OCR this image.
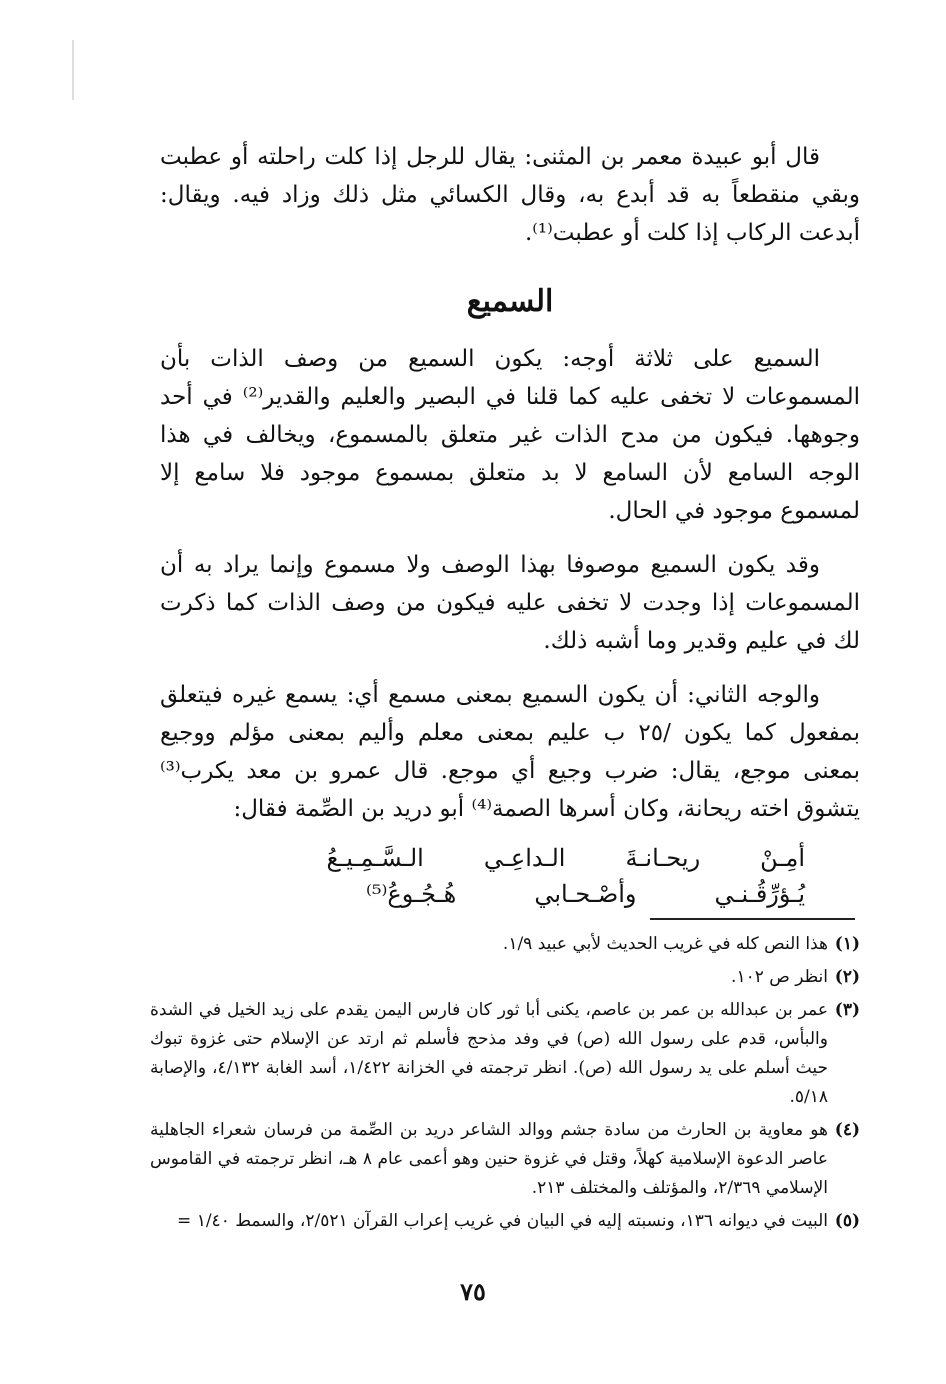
قال أبو عبيدة معمر بن المثنى: يقال للرجل إذا كلت راحلته أو عطبت وبقي منقطعاً به قد أبدع به، وقال الكسائي مثل ذلك وزاد فيه. ويقال: أبدعت الركاب إذا كلت أو عطبت⁽¹⁾.

السميع

السميع على ثلاثة أوجه: يكون السميع من وصف الذات بأن المسموعات لا تخفى عليه كما قلنا في البصير والعليم والقدير⁽²⁾ في أحد وجوهها. فيكون من مدح الذات غير متعلق بالمسموع، ويخالف في هذا الوجه السامع لأن السامع لا بد متعلق بمسموع موجود فلا سامع إلا لمسموع موجود في الحال.

وقد يكون السميع موصوفا بهذا الوصف ولا مسموع وإنما يراد به أن المسموعات إذا وجدت لا تخفى عليه فيكون من وصف الذات كما ذكرت لك في عليم وقدير وما أشبه ذلك.

والوجه الثاني: أن يكون السميع بمعنى مسمع أي: يسمع غيره فيتعلق بمفعول كما يكون /٢٥ ب عليم بمعنى معلم وأليم بمعنى مؤلم ووجيع بمعنى موجع، يقال: ضرب وجيع أي موجع. قال عمرو بن معد يكرب⁽³⁾ يتشوق اخته ريحانة، وكان أسرها الصمة⁽⁴⁾ أبو دريد بن الصِّمة فقال:

أمِـنْ
ريحـانـةَ
الـداعِـي
الـسَّـمِـيـعُ
يُـؤرِّقُـنـي
وأصْـحـابي
هُـجُـوعُ⁽⁵⁾
(١)
هذا النص كله في غريب الحديث لأبي عبيد ١/٩.
(٢)
انظر ص ١٠٢.
(٣)
عمر بن عبدالله بن عمر بن عاصم، يكنى أبا ثور كان فارس اليمن يقدم على زيد الخيل في الشدة والبأس، قدم على رسول الله (ص) في وفد مذحج فأسلم ثم ارتد عن الإسلام حتى غزوة تبوك حيث أسلم على يد رسول الله (ص). انظر ترجمته في الخزانة ١/٤٢٢، أسد الغابة ٤/١٣٢، والإصابة ٥/١٨.
(٤)
هو معاوية بن الحارث من سادة جشم ووالد الشاعر دريد بن الصِّمة من فرسان شعراء الجاهلية عاصر الدعوة الإسلامية كهلاً، وقتل في غزوة حنين وهو أعمى عام ٨ هـ، انظر ترجمته في القاموس الإسلامي ٢/٣٦٩، والمؤتلف والمختلف ٢١٣.
(٥)
البيت في ديوانه ١٣٦، ونسبته إليه في البيان في غريب إعراب القرآن ٢/٥٢١، والسمط ١/٤٠ =
٧٥
